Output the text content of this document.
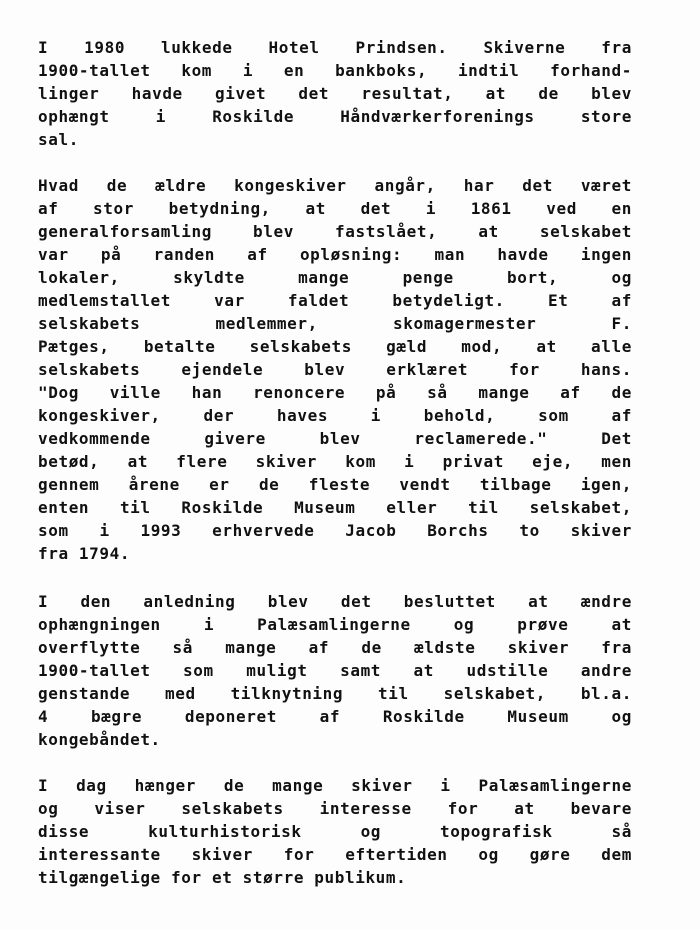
I 1980 lukkede Hotel Prindsen. Skiverne fra
1900-tallet kom i en bankboks, indtil forhand-
linger havde givet det resultat, at de blev
ophængt i Roskilde Håndværkerforenings store
sal.
Hvad de ældre kongeskiver angår, har det været
af stor betydning, at det i 1861 ved en
generalforsamling blev fastslået, at selskabet
var på randen af opløsning: man havde ingen
lokaler, skyldte mange penge bort, og
medlemstallet var faldet betydeligt. Et af
selskabets medlemmer, skomagermester F.
Pætges, betalte selskabets gæld mod, at alle
selskabets ejendele blev erklæret for hans.
"Dog ville han renoncere på så mange af de
kongeskiver, der haves i behold, som af
vedkommende givere blev reclamerede." Det
betød, at flere skiver kom i privat eje, men
gennem årene er de fleste vendt tilbage igen,
enten til Roskilde Museum eller til selskabet,
som i 1993 erhvervede Jacob Borchs to skiver
fra 1794.
I den anledning blev det besluttet at ændre
ophængningen i Palæsamlingerne og prøve at
overflytte så mange af de ældste skiver fra
1900-tallet som muligt samt at udstille andre
genstande med tilknytning til selskabet, bl.a.
4 bægre deponeret af Roskilde Museum og
kongebåndet.
I dag hænger de mange skiver i Palæsamlingerne
og viser selskabets interesse for at bevare
disse kulturhistorisk og topografisk så
interessante skiver for eftertiden og gøre dem
tilgængelige for et større publikum.
